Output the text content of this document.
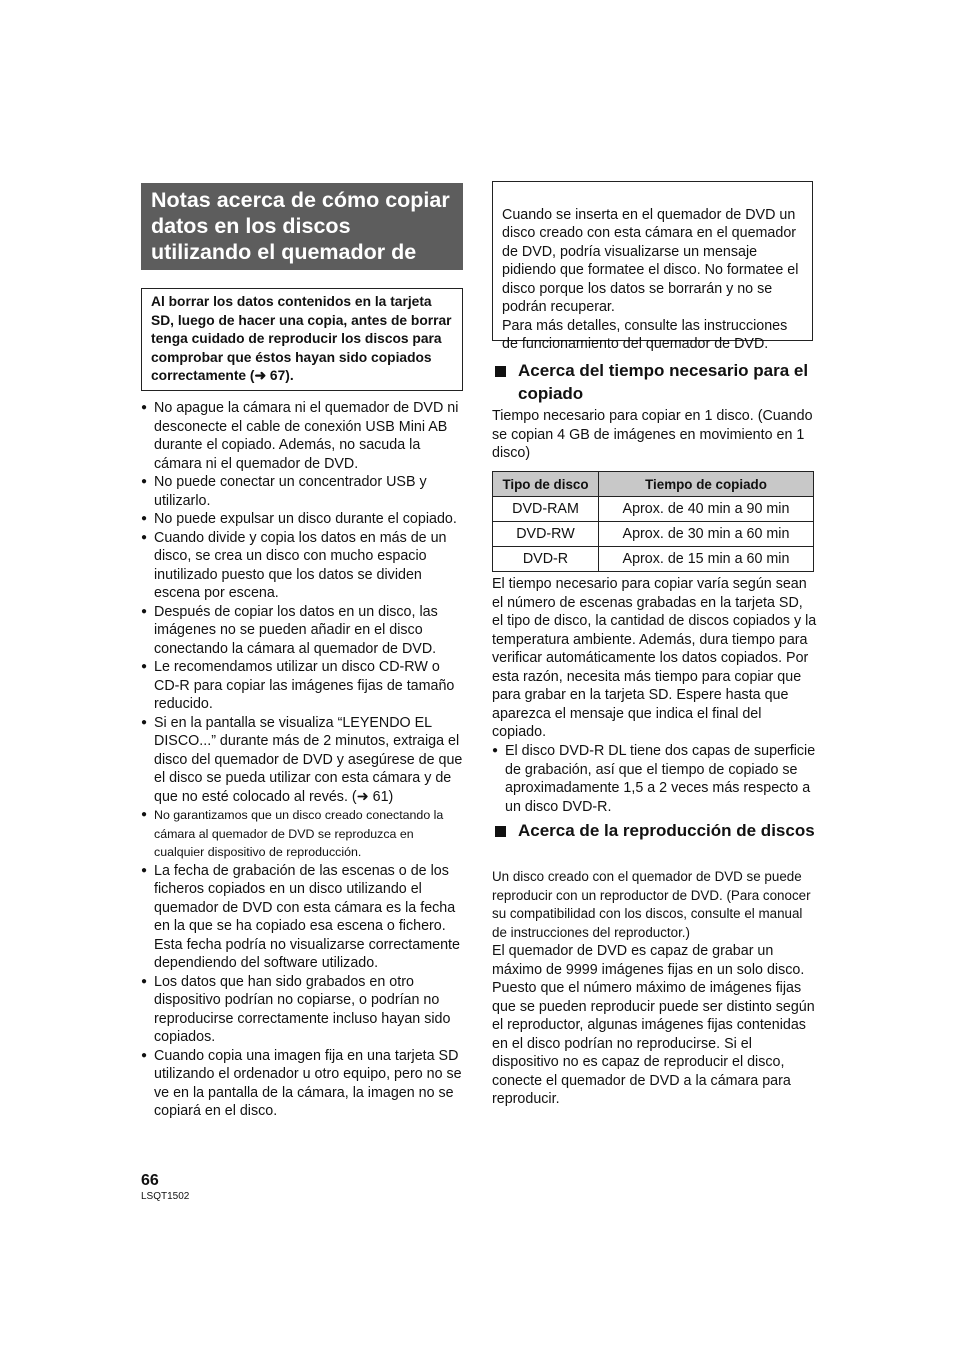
Notas acerca de cómo copiar datos en los discos utilizando el quemador de DVD
Al borrar los datos contenidos en la tarjeta SD, luego de hacer una copia, antes de borrar tenga cuidado de reproducir los discos para comprobar que éstos hayan sido copiados correctamente (➜ 67).
● No apague la cámara ni el quemador de DVD ni desconecte el cable de conexión USB Mini AB durante el copiado. Además, no sacuda la cámara ni el quemador de DVD.
● No puede conectar un concentrador USB y utilizarlo.
● No puede expulsar un disco durante el copiado.
● Cuando divide y copia los datos en más de un disco, se crea un disco con mucho espacio inutilizado puesto que los datos se dividen escena por escena.
● Después de copiar los datos en un disco, las imágenes no se pueden añadir en el disco conectando la cámara al quemador de DVD.
● Le recomendamos utilizar un disco CD-RW o CD-R para copiar las imágenes fijas de tamaño reducido.
● Si en la pantalla se visualiza “LEYENDO EL DISCO...” durante más de 2 minutos, extraiga el disco del quemador de DVD y asegúrese de que el disco se pueda utilizar con esta cámara y de que no esté colocado al revés. (➜ 61)
● No garantizamos que un disco creado conectando la cámara al quemador de DVD se reproduzca en cualquier dispositivo de reproducción.
● La fecha de grabación de las escenas o de los ficheros copiados en un disco utilizando el quemador de DVD con esta cámara es la fecha en la que se ha copiado esa escena o fichero. Esta fecha podría no visualizarse correctamente dependiendo del software utilizado.
● Los datos que han sido grabados en otro dispositivo podrían no copiarse, o podrían no reproducirse correctamente incluso hayan sido copiados.
● Cuando copia una imagen fija en una tarjeta SD utilizando el ordenador u otro equipo, pero no se ve en la pantalla de la cámara, la imagen no se copiará en el disco.

Cuando se inserta en el quemador de DVD un disco creado con esta cámara en el quemador de DVD, podría visualizarse un mensaje pidiendo que formatee el disco. No formatee el disco porque los datos se borrarán y no se podrán recuperar.
Para más detalles, consulte las instrucciones de funcionamiento del quemador de DVD.

Acerca del tiempo necesario para el copiado
Tiempo necesario para copiar en 1 disco. (Cuando se copian 4 GB de imágenes en movimiento en 1 disco)
Tipo de disco	Tiempo de copiado
DVD-RAM	Aprox. de 40 min a 90 min
DVD-RW	Aprox. de 30 min a 60 min
DVD-R	Aprox. de 15 min a 60 min
El tiempo necesario para copiar varía según sean el número de escenas grabadas en la tarjeta SD, el tipo de disco, la cantidad de discos copiados y la temperatura ambiente. Además, dura tiempo para verificar automáticamente los datos copiados. Por esta razón, necesita más tiempo para copiar que para grabar en la tarjeta SD. Espere hasta que aparezca el mensaje que indica el final del copiado.
● El disco DVD-R DL tiene dos capas de superficie de grabación, así que el tiempo de copiado se aproximadamente 1,5 a 2 veces más respecto a un disco DVD-R.
Acerca de la reproducción de discos
Un disco creado con el quemador de DVD se puede reproducir con un reproductor de DVD. (Para conocer su compatibilidad con los discos, consulte el manual de instrucciones del reproductor.)
El quemador de DVD es capaz de grabar un máximo de 9999 imágenes fijas en un solo disco. Puesto que el número máximo de imágenes fijas que se pueden reproducir puede ser distinto según el reproductor, algunas imágenes fijas contenidas en el disco podrían no reproducirse. Si el dispositivo no es capaz de reproducir el disco, conecte el quemador de DVD a la cámara para reproducir.
66
LSQT1502
